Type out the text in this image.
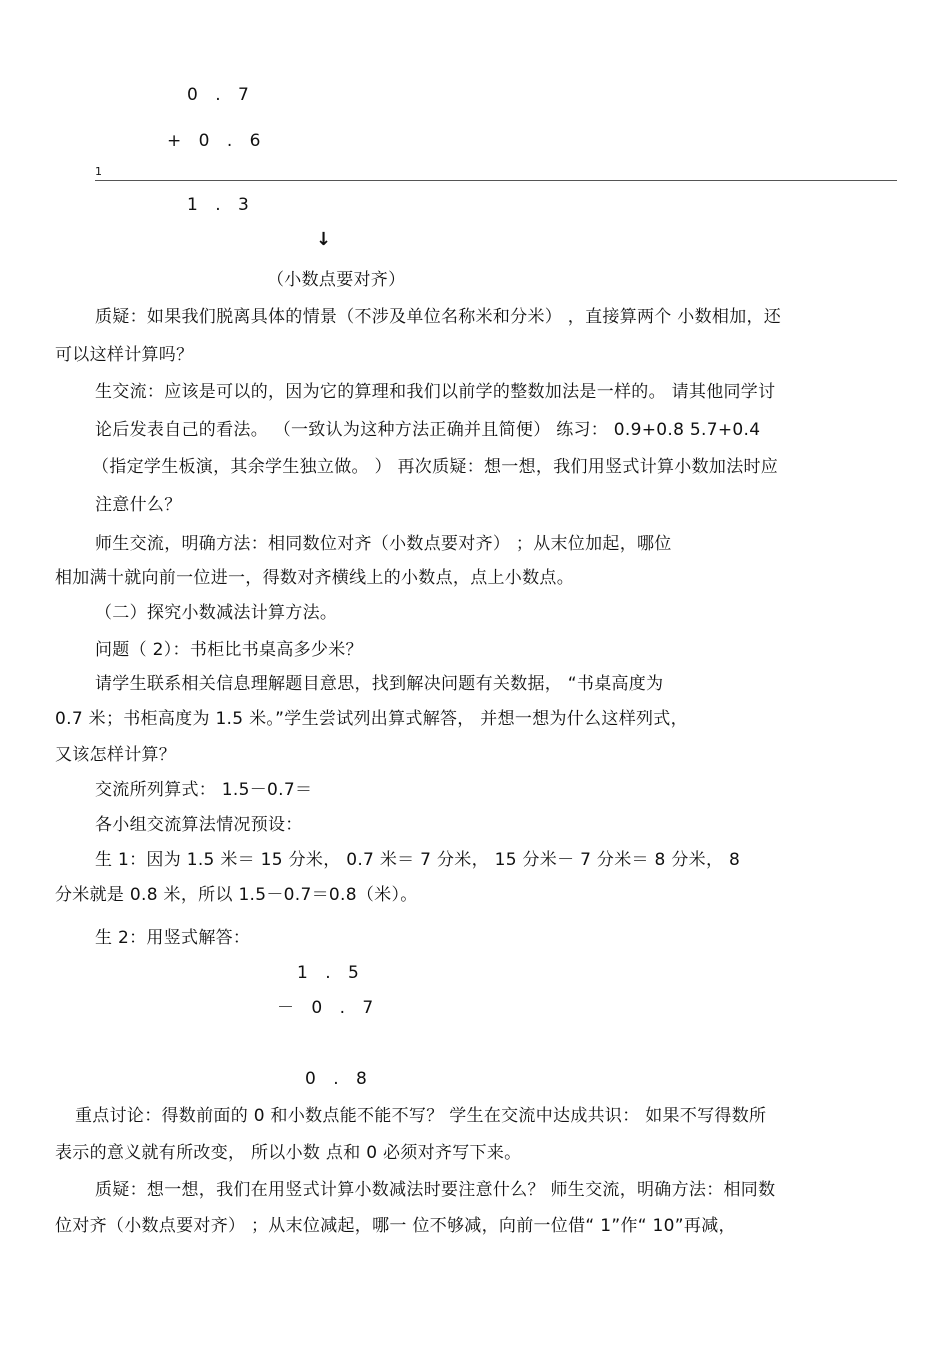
0 . 7
+ 0 . 6
1
1 . 3
↓
（小数点要对齐）
质疑：如果我们脱离具体的情景（不涉及单位名称米和分米） ，直接算两个 小数相加，还
可以这样计算吗？
生交流：应该是可以的，因为它的算理和我们以前学的整数加法是一样的。 请其他同学讨
论后发表自己的看法。 （一致认为这种方法正确并且简便） 练习： 0.9+0.8 5.7+0.4
（指定学生板演，其余学生独立做。 ） 再次质疑：想一想，我们用竖式计算小数加法时应
注意什么？
师生交流，明确方法：相同数位对齐（小数点要对齐） ；从末位加起，哪位
相加满十就向前一位进一，得数对齐横线上的小数点，点上小数点。
（二）探究小数减法计算方法。
问题（ 2）：书柜比书桌高多少米？
请学生联系相关信息理解题目意思，找到解决问题有关数据， “书桌高度为
0.7 米；书柜高度为 1.5 米。”学生尝试列出算式解答， 并想一想为什么这样列式，
又该怎样计算？
交流所列算式： 1.5－0.7＝
各小组交流算法情况预设：
生 1：因为 1.5 米＝ 15 分米， 0.7 米＝ 7 分米， 15 分米－ 7 分米＝ 8 分米， 8
分米就是 0.8 米，所以 1.5－0.7＝0.8（米）。
生 2：用竖式解答：
1 . 5
－ 0 . 7
0 . 8
重点讨论：得数前面的 0 和小数点能不能不写？ 学生在交流中达成共识： 如果不写得数所
表示的意义就有所改变， 所以小数 点和 0 必须对齐写下来。
质疑：想一想，我们在用竖式计算小数减法时要注意什么？ 师生交流，明确方法：相同数
位对齐（小数点要对齐） ；从末位减起，哪一 位不够减，向前一位借“ 1”作“ 10”再减，
